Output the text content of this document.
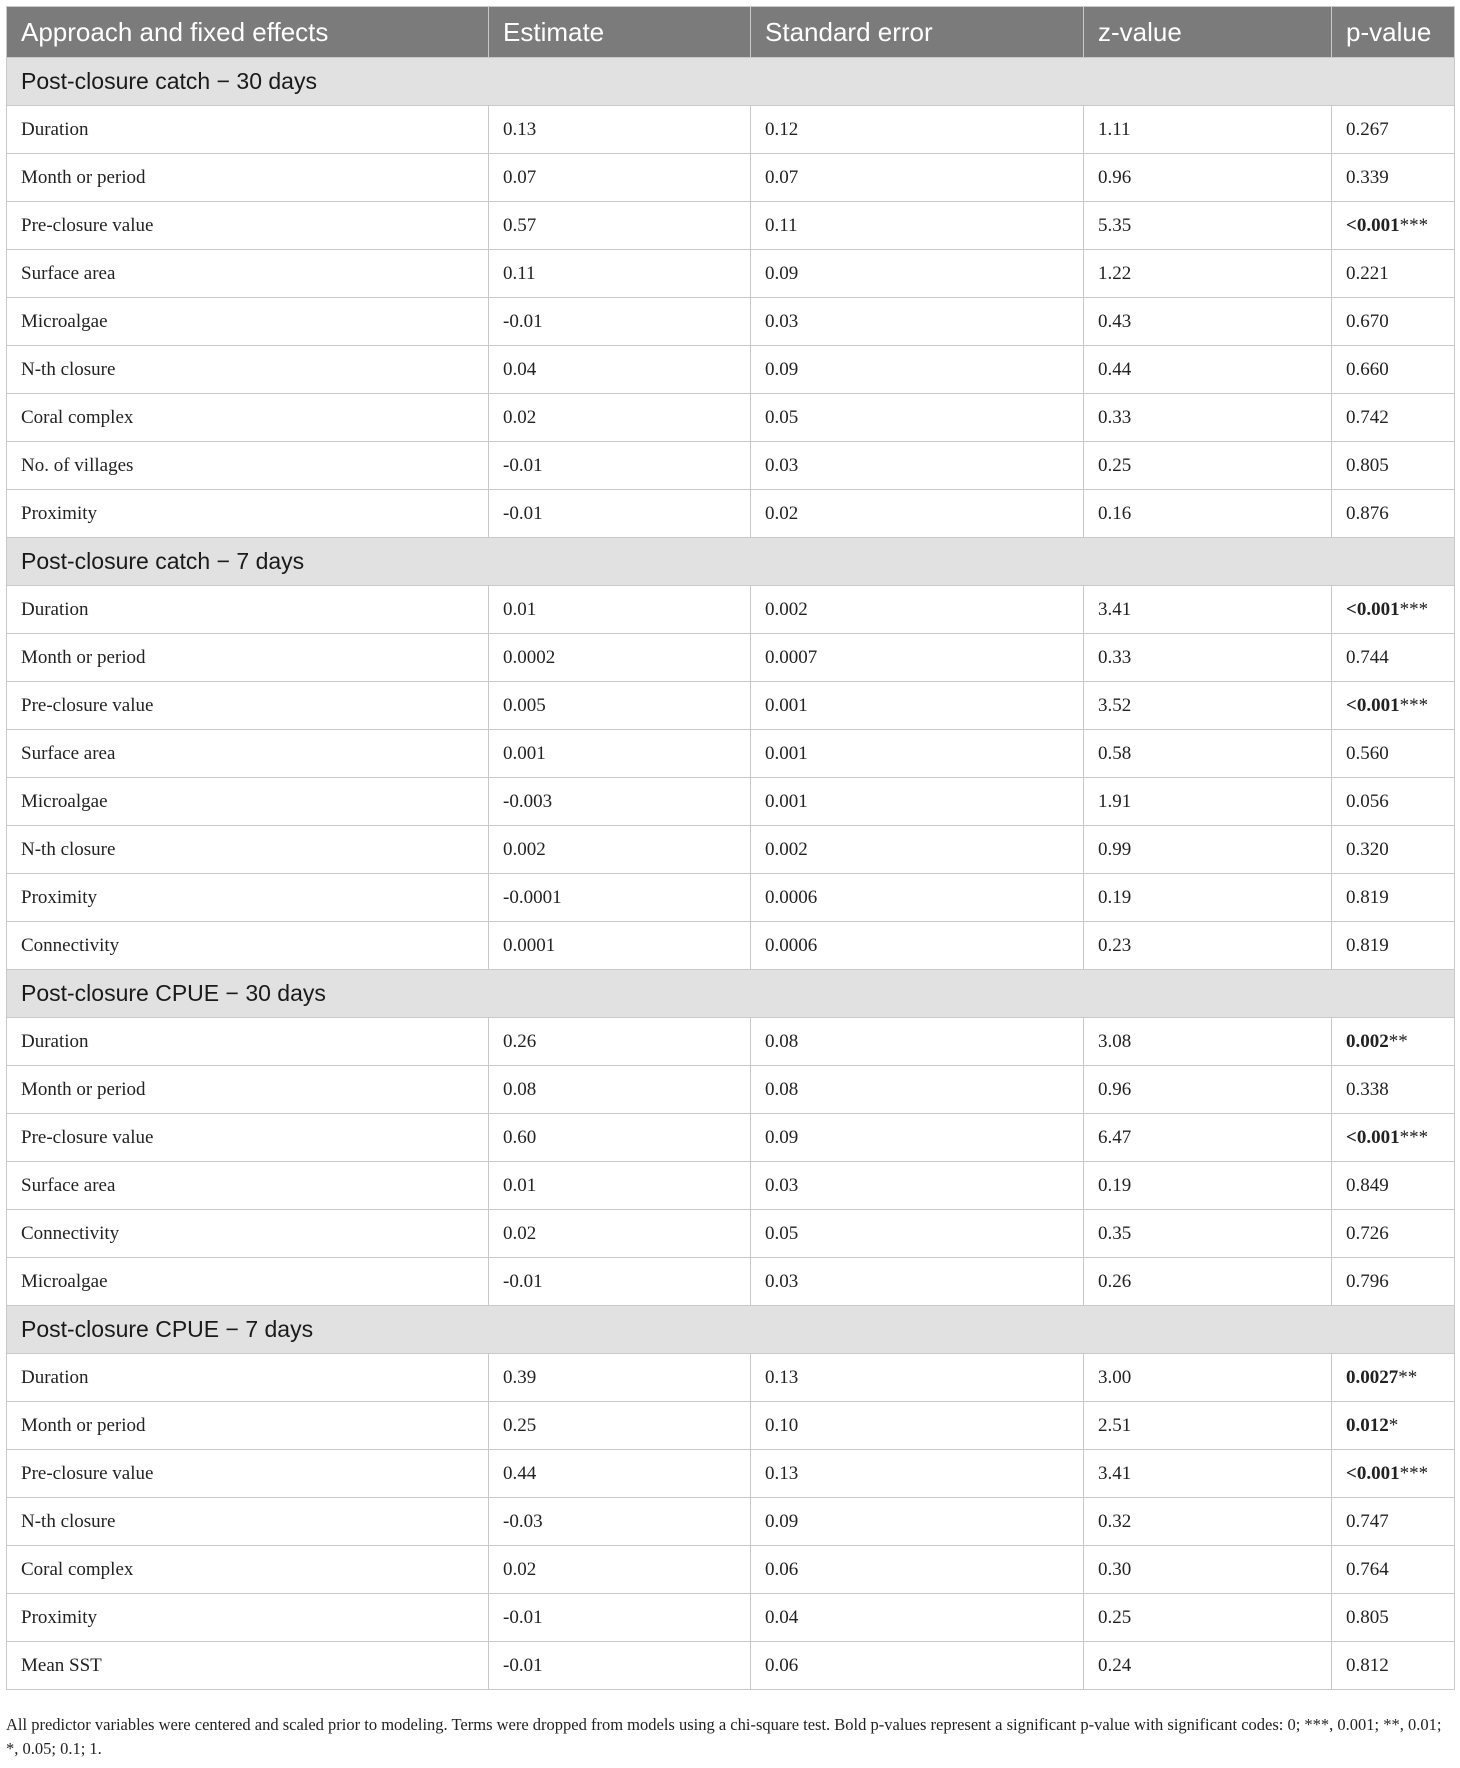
Approach and fixed effects	Estimate	Standard error	z-value	p-value
Post-closure catch − 30 days				
Duration	0.13	0.12	1.11	0.267
Month or period	0.07	0.07	0.96	0.339
Pre-closure value	0.57	0.11	5.35	<0.001***
Surface area	0.11	0.09	1.22	0.221
Microalgae	-0.01	0.03	0.43	0.670
N-th closure	0.04	0.09	0.44	0.660
Coral complex	0.02	0.05	0.33	0.742
No. of villages	-0.01	0.03	0.25	0.805
Proximity	-0.01	0.02	0.16	0.876
Post-closure catch − 7 days				
Duration	0.01	0.002	3.41	<0.001***
Month or period	0.0002	0.0007	0.33	0.744
Pre-closure value	0.005	0.001	3.52	<0.001***
Surface area	0.001	0.001	0.58	0.560
Microalgae	-0.003	0.001	1.91	0.056
N-th closure	0.002	0.002	0.99	0.320
Proximity	-0.0001	0.0006	0.19	0.819
Connectivity	0.0001	0.0006	0.23	0.819
Post-closure CPUE − 30 days				
Duration	0.26	0.08	3.08	0.002**
Month or period	0.08	0.08	0.96	0.338
Pre-closure value	0.60	0.09	6.47	<0.001***
Surface area	0.01	0.03	0.19	0.849
Connectivity	0.02	0.05	0.35	0.726
Microalgae	-0.01	0.03	0.26	0.796
Post-closure CPUE − 7 days				
Duration	0.39	0.13	3.00	0.0027**
Month or period	0.25	0.10	2.51	0.012*
Pre-closure value	0.44	0.13	3.41	<0.001***
N-th closure	-0.03	0.09	0.32	0.747
Coral complex	0.02	0.06	0.30	0.764
Proximity	-0.01	0.04	0.25	0.805
Mean SST	-0.01	0.06	0.24	0.812
All predictor variables were centered and scaled prior to modeling. Terms were dropped from models using a chi-square test. Bold p-values represent a significant p-value with significant codes: 0; ***, 0.001; **, 0.01; *, 0.05; 0.1; 1.
